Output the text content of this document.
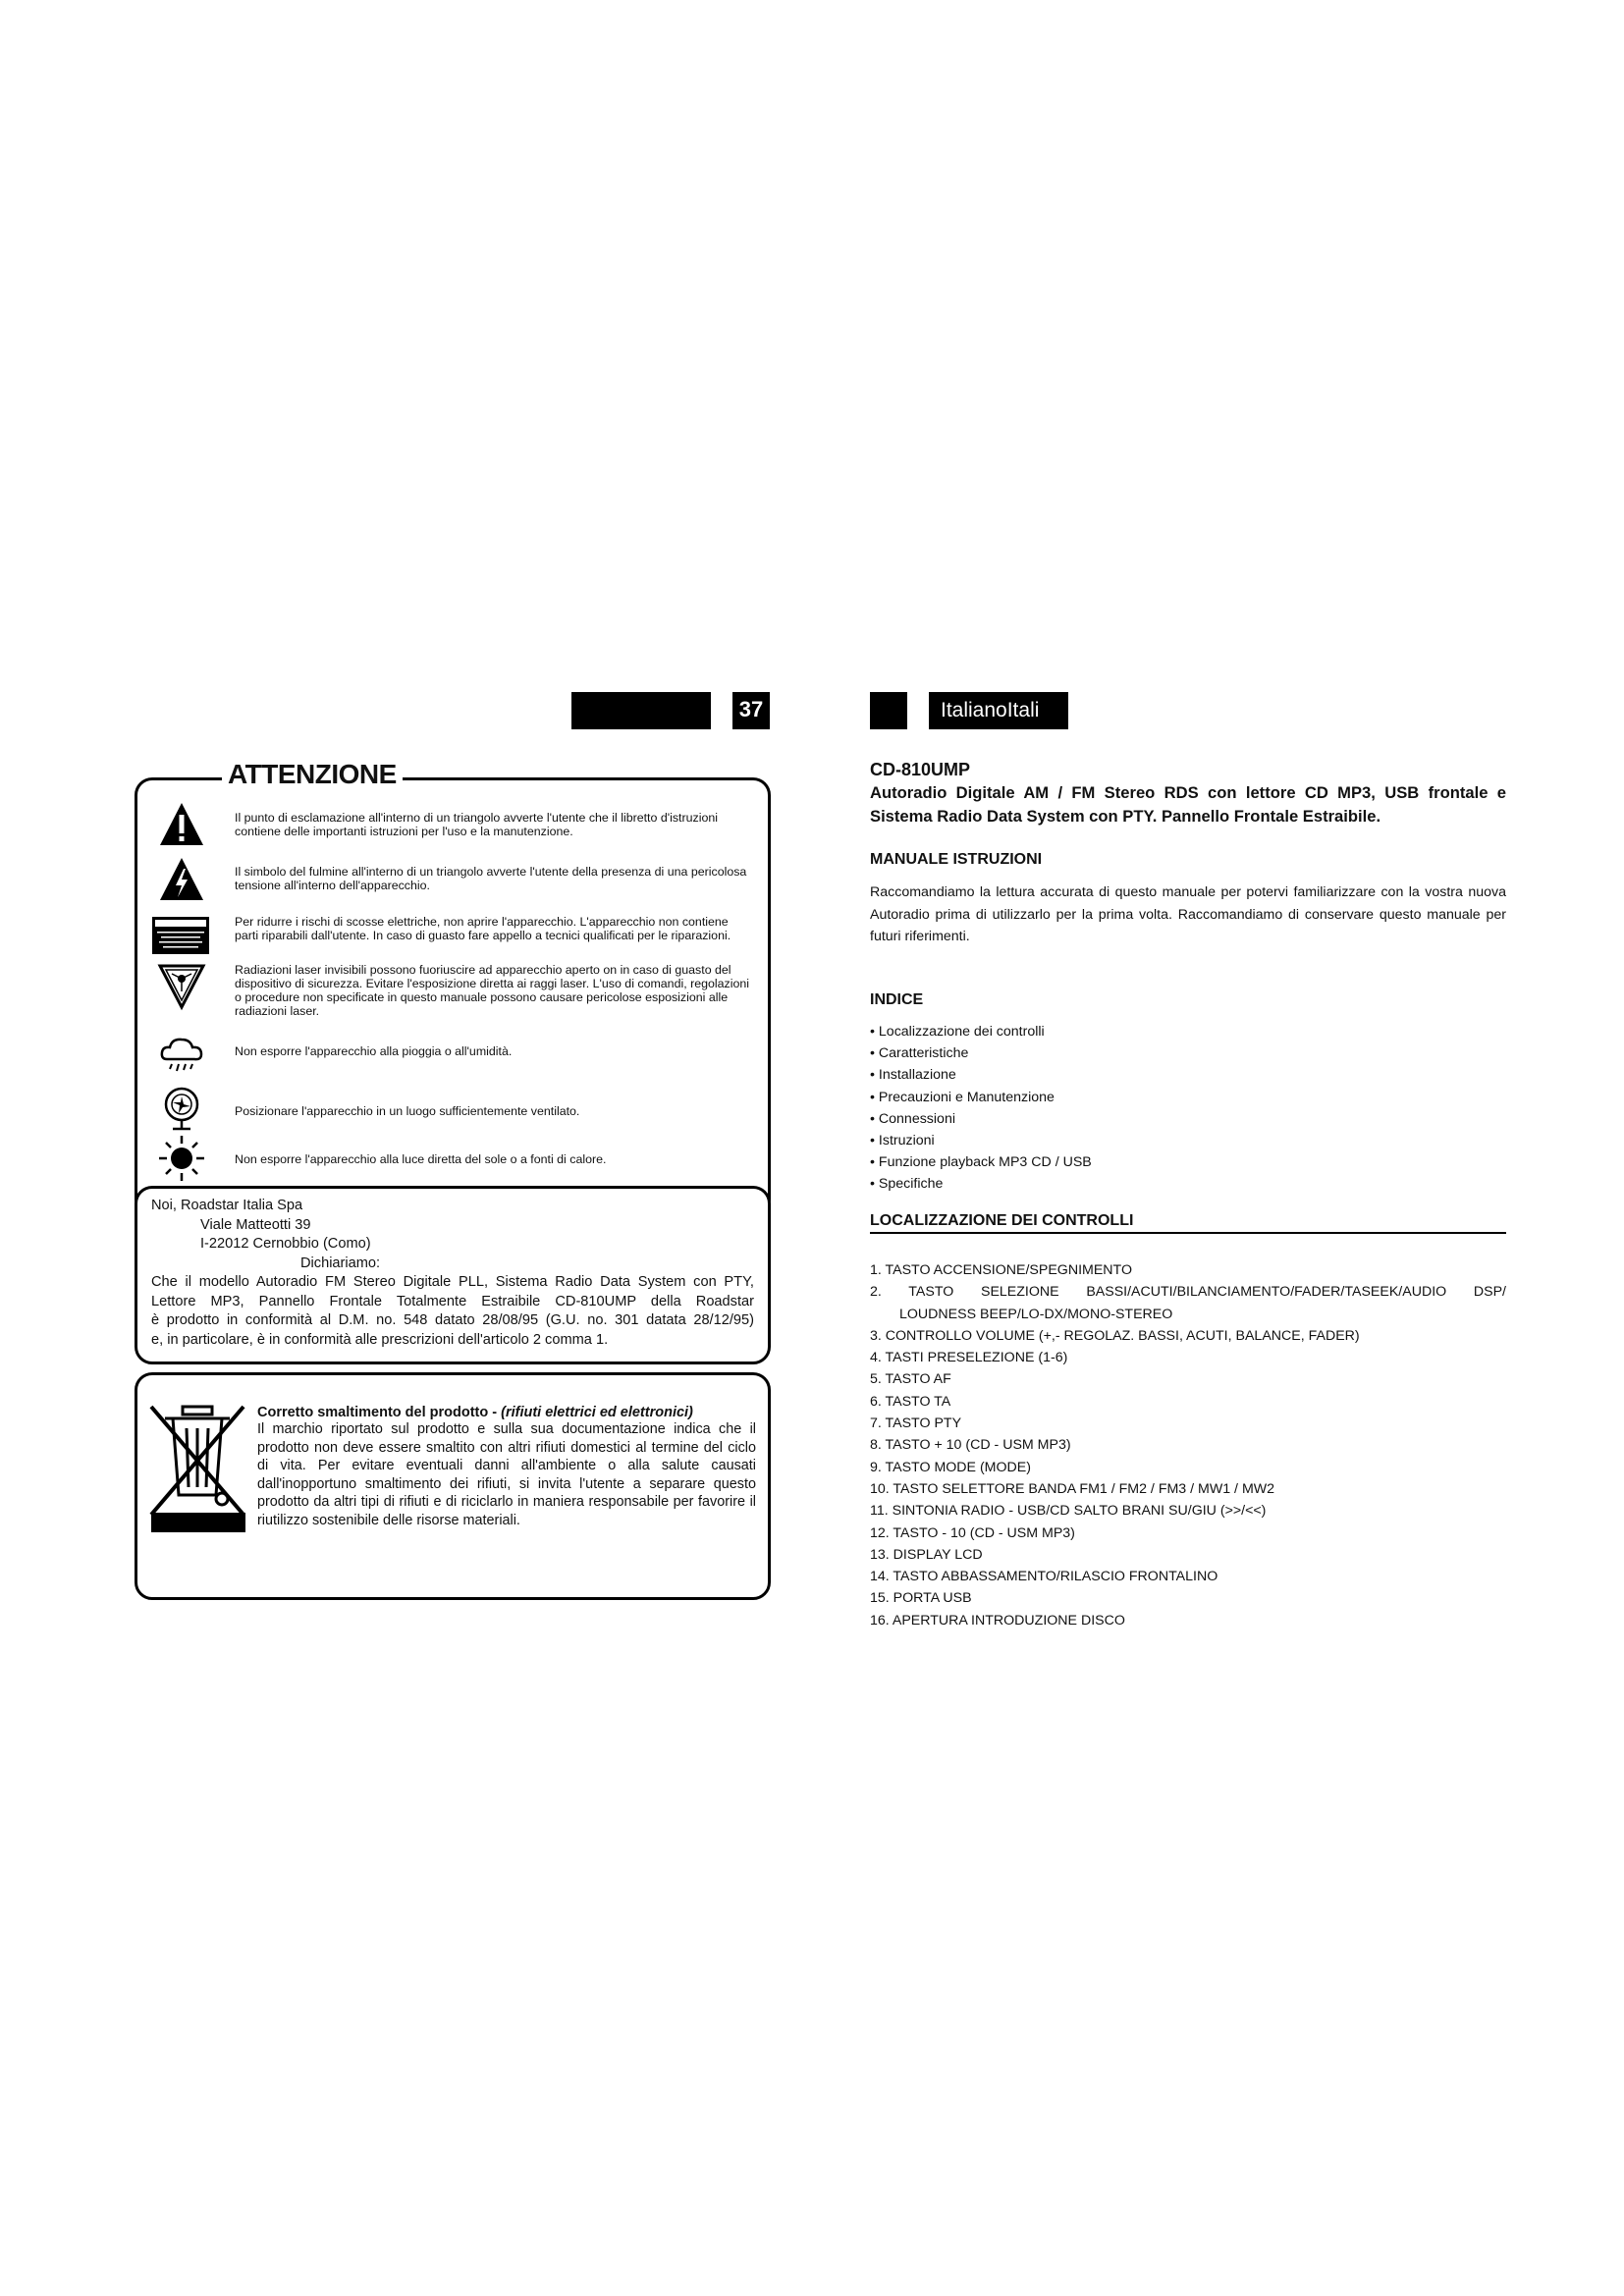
37	ItalianoItali
ATTENZIONE
Il punto di esclamazione all'interno di un triangolo avverte l'utente che il libretto d'istruzioni contiene delle importanti istruzioni per l'uso e la manutenzione.
Il simbolo del fulmine all'interno di un triangolo avverte l'utente della presenza di una pericolosa tensione all'interno dell'apparecchio.
Per ridurre i rischi di scosse elettriche, non aprire l'apparecchio. L'apparecchio non contiene parti riparabili dall'utente. In caso di guasto fare appello a tecnici qualificati per le riparazioni.
Radiazioni laser invisibili possono fuoriuscire ad apparecchio aperto on in caso di guasto del dispositivo di sicurezza. Evitare l'esposizione diretta ai raggi laser. L'uso di comandi, regolazioni o procedure non specificate in questo manuale possono causare pericolose esposizioni alle radiazioni laser.
Non esporre l'apparecchio alla pioggia o all'umidità.
Posizionare l'apparecchio in un luogo sufficientemente ventilato.
Non esporre l'apparecchio alla luce diretta del sole o a fonti di calore.
Noi, Roadstar Italia Spa
Viale Matteotti 39
I-22012 Cernobbio (Como)
Dichiariamo:
Che il modello Autoradio FM Stereo Digitale PLL, Sistema Radio Data System con PTY,
Lettore MP3, Pannello Frontale Totalmente Estraibile CD-810UMP della Roadstar
è prodotto in conformità al D.M. no. 548 datato 28/08/95 (G.U. no. 301 datata 28/12/95)
e, in particolare, è in conformità alle prescrizioni dell'articolo 2 comma 1.
Corretto smaltimento del prodotto - (rifiuti elettrici ed elettronici)
Il marchio riportato sul prodotto e sulla sua documentazione indica che il prodotto non deve essere smaltito con altri rifiuti domestici al termine del ciclo di vita. Per evitare eventuali danni all'ambiente o alla salute causati dall'inopportuno smaltimento dei rifiuti, si invita l'utente a separare questo prodotto da altri tipi di rifiuti e di riciclarlo in maniera responsabile per favorire il riutilizzo sostenibile delle risorse materiali.
CD-810UMP
Autoradio Digitale AM / FM Stereo RDS con lettore CD MP3, USB frontale e Sistema Radio Data System con PTY. Pannello Frontale Estraibile.
MANUALE ISTRUZIONI
Raccomandiamo la lettura accurata di questo manuale per potervi familiarizzare con la vostra nuova Autoradio prima di utilizzarlo per la prima volta. Raccomandiamo di conservare questo manuale per futuri riferimenti.
INDICE
• Localizzazione dei controlli
• Caratteristiche
• Installazione
• Precauzioni e Manutenzione
• Connessioni
• Istruzioni
• Funzione playback MP3 CD / USB
• Specifiche
LOCALIZZAZIONE DEI CONTROLLI
1. TASTO ACCENSIONE/SPEGNIMENTO
2. TASTO SELEZIONE BASSI/ACUTI/BILANCIAMENTO/FADER/TASEEK/AUDIO DSP/
LOUDNESS BEEP/LO-DX/MONO-STEREO
3. CONTROLLO VOLUME (+,- REGOLAZ. BASSI, ACUTI, BALANCE, FADER)
4. TASTI PRESELEZIONE (1-6)
5. TASTO AF
6. TASTO TA
7. TASTO PTY
8. TASTO + 10 (CD - USM MP3)
9. TASTO MODE (MODE)
10. TASTO SELETTORE BANDA FM1 / FM2 / FM3 / MW1 / MW2
11. SINTONIA RADIO - USB/CD SALTO BRANI SU/GIU (>>/<<)
12. TASTO - 10 (CD - USM MP3)
13. DISPLAY LCD
14. TASTO ABBASSAMENTO/RILASCIO FRONTALINO
15. PORTA USB
16. APERTURA INTRODUZIONE DISCO
